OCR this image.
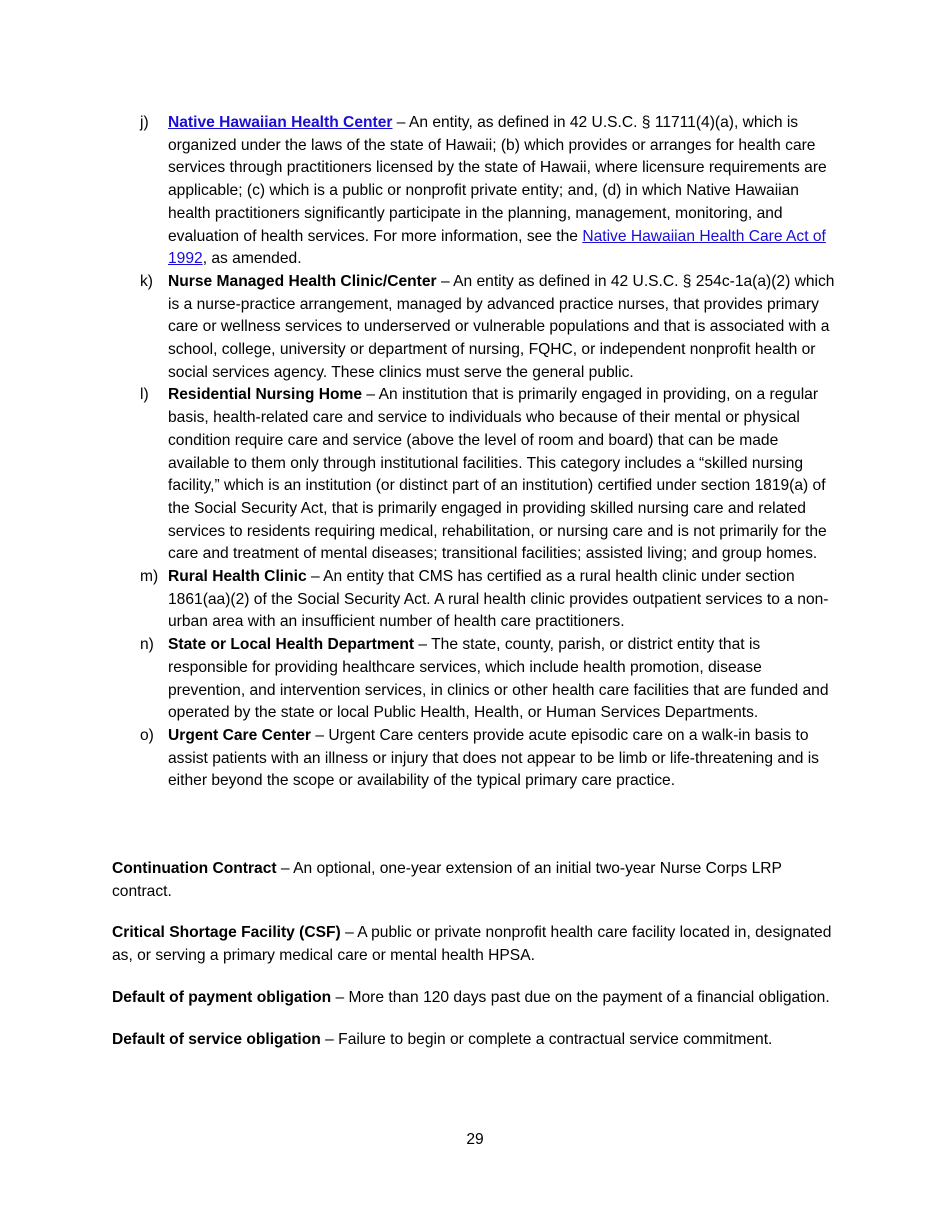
j) Native Hawaiian Health Center – An entity, as defined in 42 U.S.C. § 11711(4)(a), which is organized under the laws of the state of Hawaii; (b) which provides or arranges for health care services through practitioners licensed by the state of Hawaii, where licensure requirements are applicable; (c) which is a public or nonprofit private entity; and, (d) in which Native Hawaiian health practitioners significantly participate in the planning, management, monitoring, and evaluation of health services. For more information, see the Native Hawaiian Health Care Act of 1992, as amended.
k) Nurse Managed Health Clinic/Center – An entity as defined in 42 U.S.C. § 254c-1a(a)(2) which is a nurse-practice arrangement, managed by advanced practice nurses, that provides primary care or wellness services to underserved or vulnerable populations and that is associated with a school, college, university or department of nursing, FQHC, or independent nonprofit health or social services agency. These clinics must serve the general public.
l) Residential Nursing Home – An institution that is primarily engaged in providing, on a regular basis, health-related care and service to individuals who because of their mental or physical condition require care and service (above the level of room and board) that can be made available to them only through institutional facilities. This category includes a “skilled nursing facility,” which is an institution (or distinct part of an institution) certified under section 1819(a) of the Social Security Act, that is primarily engaged in providing skilled nursing care and related services to residents requiring medical, rehabilitation, or nursing care and is not primarily for the care and treatment of mental diseases; transitional facilities; assisted living; and group homes.
m) Rural Health Clinic – An entity that CMS has certified as a rural health clinic under section 1861(aa)(2) of the Social Security Act. A rural health clinic provides outpatient services to a non-urban area with an insufficient number of health care practitioners.
n) State or Local Health Department – The state, county, parish, or district entity that is responsible for providing healthcare services, which include health promotion, disease prevention, and intervention services, in clinics or other health care facilities that are funded and operated by the state or local Public Health, Health, or Human Services Departments.
o) Urgent Care Center – Urgent Care centers provide acute episodic care on a walk-in basis to assist patients with an illness or injury that does not appear to be limb or life-threatening and is either beyond the scope or availability of the typical primary care practice.

Continuation Contract – An optional, one-year extension of an initial two-year Nurse Corps LRP contract.

Critical Shortage Facility (CSF) – A public or private nonprofit health care facility located in, designated as, or serving a primary medical care or mental health HPSA.

Default of payment obligation – More than 120 days past due on the payment of a financial obligation.

Default of service obligation – Failure to begin or complete a contractual service commitment.

29
